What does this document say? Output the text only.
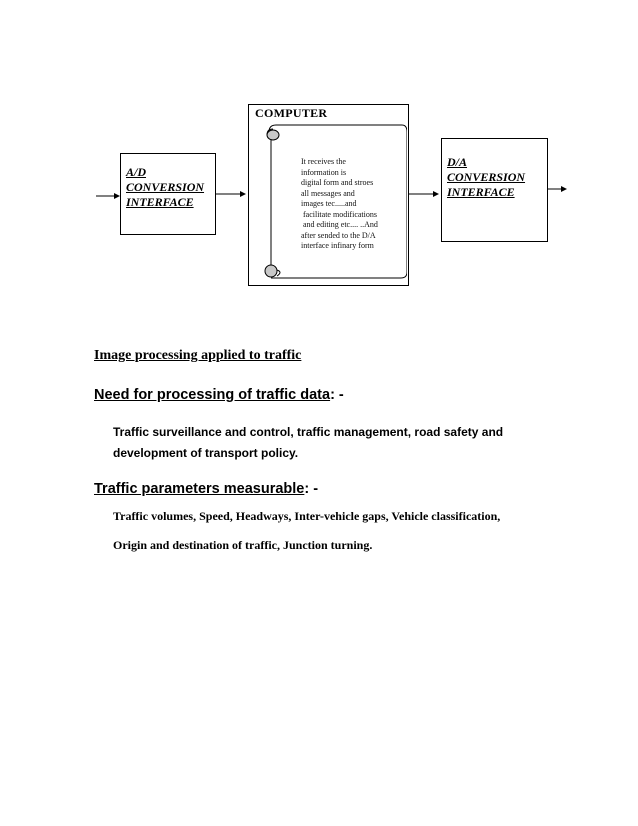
A/D
CONVERSION
INTERFACE
COMPUTER
It receives the
information is
digital form and stroes
all messages and
images tec.....and
facilitate modifications
and editing etc.... ..And
after sended to the D/A
interface infinary form
D/A
CONVERSION
INTERFACE
Image processing applied to traffic
Need for processing of traffic data: -
Traffic surveillance and control, traffic management, road safety and
development of transport policy.
Traffic parameters measurable: -
Traffic volumes, Speed, Headways, Inter-vehicle gaps, Vehicle classification,
Origin and destination of traffic, Junction turning.
